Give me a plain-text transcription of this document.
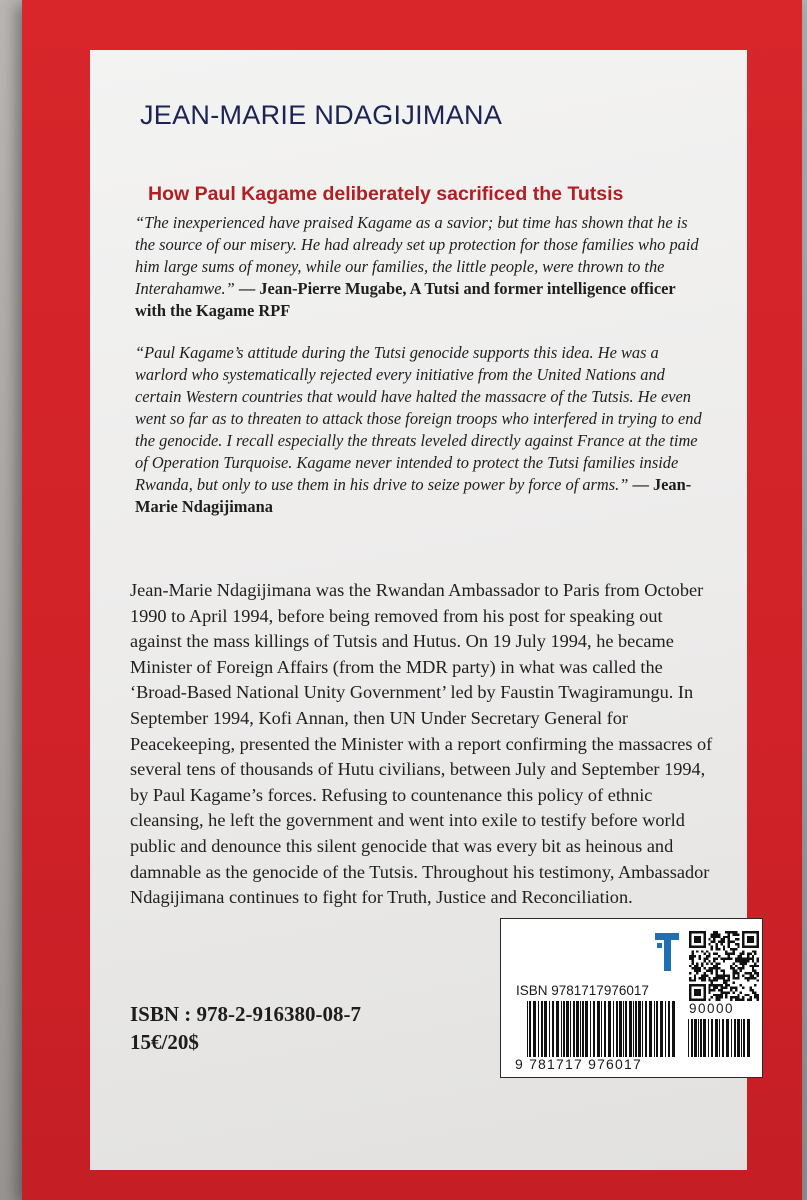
JEAN-MARIE NDAGIJIMANA
How Paul Kagame deliberately sacrificed the Tutsis

“The inexperienced have praised Kagame as a savior; but time has shown that he is the source of our misery. He had already set up protection for those families who paid him large sums of money, while our families, the little people, were thrown to the Interahamwe.” — Jean-Pierre Mugabe, A Tutsi and former intelligence officer with the Kagame RPF

“Paul Kagame’s attitude during the Tutsi genocide supports this idea. He was a warlord who systematically rejected every initiative from the United Nations and certain Western countries that would have halted the massacre of the Tutsis. He even went so far as to threaten to attack those foreign troops who interfered in trying to end the genocide. I recall especially the threats leveled directly against France at the time of Operation Turquoise. Kagame never intended to protect the Tutsi families inside Rwanda, but only to use them in his drive to seize power by force of arms.” — Jean-Marie Ndagijimana

Jean-Marie Ndagijimana was the Rwandan Ambassador to Paris from October 1990 to April 1994, before being removed from his post for speaking out against the mass killings of Tutsis and Hutus. On 19 July 1994, he became Minister of Foreign Affairs (from the MDR party) in what was called the ‘Broad-Based National Unity Government’ led by Faustin Twagiramungu. In September 1994, Kofi Annan, then UN Under Secretary General for Peacekeeping, presented the Minister with a report confirming the massacres of several tens of thousands of Hutu civilians, between July and September 1994, by Paul Kagame’s forces. Refusing to countenance this policy of ethnic cleansing, he left the government and went into exile to testify before world public and denounce this silent genocide that was every bit as heinous and damnable as the genocide of the Tutsis. Throughout his testimony, Ambassador Ndagijimana continues to fight for Truth, Justice and Reconciliation.

ISBN : 978-2-916380-08-7
15€/20$
ISBN 9781717976017
90000
9 781717 976017
